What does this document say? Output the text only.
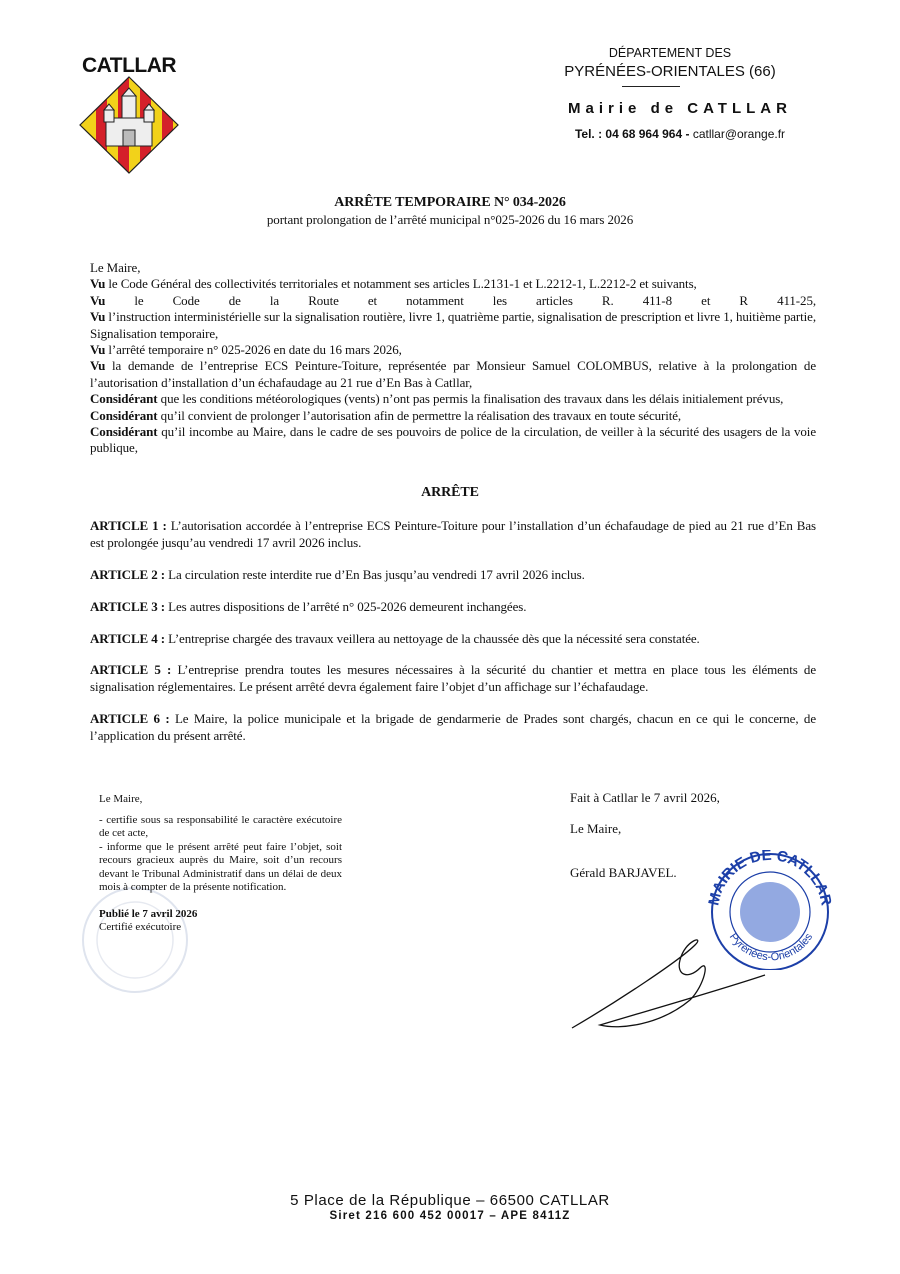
CATLLAR
DÉPARTEMENT DES
PYRÉNÉES-ORIENTALES (66)
Mairie de CATLLAR
Tel. : 04 68 964 964 - catllar@orange.fr
ARRÊTE TEMPORAIRE N° 034-2026
portant prolongation de l’arrêté municipal n°025-2026 du 16 mars 2026

Le Maire,

Vu le Code Général des collectivités territoriales et notamment ses articles L.2131-1 et L.2212-1, L.2212-2 et suivants,

Vu le Code de la Route et notamment les articles R. 411-8 et R 411-25,

Vu l’instruction interministérielle sur la signalisation routière, livre 1, quatrième partie, signalisation de prescription et livre 1, huitième partie, Signalisation temporaire,

Vu l’arrêté temporaire n° 025-2026 en date du 16 mars 2026,

Vu la demande de l’entreprise ECS Peinture-Toiture, représentée par Monsieur Samuel COLOMBUS, relative à la prolongation de l’autorisation d’installation d’un échafaudage au 21 rue d’En Bas à Catllar,

Considérant que les conditions météorologiques (vents) n’ont pas permis la finalisation des travaux dans les délais initialement prévus,

Considérant qu’il convient de prolonger l’autorisation afin de permettre la réalisation des travaux en toute sécurité,

Considérant qu’il incombe au Maire, dans le cadre de ses pouvoirs de police de la circulation, de veiller à la sécurité des usagers de la voie publique,

ARRÊTE
ARTICLE 1 : L’autorisation accordée à l’entreprise ECS Peinture-Toiture pour l’installation d’un échafaudage de pied au 21 rue d’En Bas est prolongée jusqu’au vendredi 17 avril 2026 inclus.
ARTICLE 2 : La circulation reste interdite rue d’En Bas jusqu’au vendredi 17 avril 2026 inclus.
ARTICLE 3 : Les autres dispositions de l’arrêté n° 025-2026 demeurent inchangées.
ARTICLE 4 : L’entreprise chargée des travaux veillera au nettoyage de la chaussée dès que la nécessité sera constatée.
ARTICLE 5 : L’entreprise prendra toutes les mesures nécessaires à la sécurité du chantier et mettra en place tous les éléments de signalisation réglementaires. Le présent arrêté devra également faire l’objet d’un affichage sur l’échafaudage.
ARTICLE 6 : Le Maire, la police municipale et la brigade de gendarmerie de Prades sont chargés, chacun en ce qui le concerne, de l’application du présent arrêté.
Le Maire,
- certifie sous sa responsabilité le caractère exécutoire de cet acte,
- informe que le présent arrêté peut faire l’objet, soit recours gracieux auprès du Maire, soit d’un recours devant le Tribunal Administratif dans un délai de deux mois à compter de la présente notification.
Publié le 7 avril 2026
Certifié exécutoire
Fait à Catllar le 7 avril 2026,
Le Maire,
Gérald BARJAVEL.
MAIRIE DE CATLLAR
Pyrénées-Orientales
5 Place de la République – 66500 CATLLAR
Siret 216 600 452 00017 – APE 8411Z
